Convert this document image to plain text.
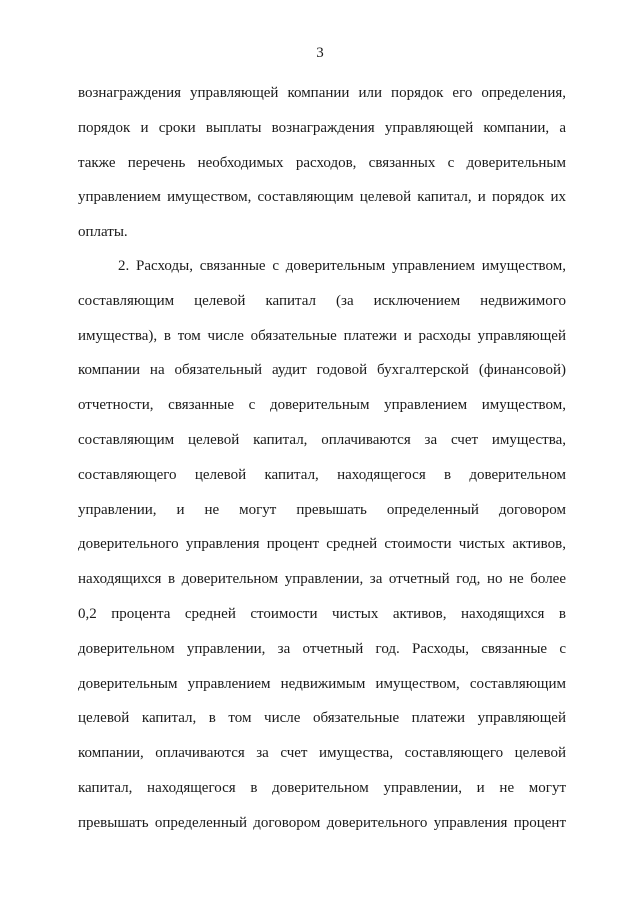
3
вознаграждения управляющей компании или порядок его определения,
порядок и сроки выплаты вознаграждения управляющей компании, а
также перечень необходимых расходов, связанных с доверительным
управлением имуществом, составляющим целевой капитал, и порядок их
оплаты.
2. Расходы, связанные с доверительным управлением имуществом,
составляющим целевой капитал (за исключением недвижимого
имущества), в том числе обязательные платежи и расходы управляющей
компании на обязательный аудит годовой бухгалтерской (финансовой)
отчетности, связанные с доверительным управлением имуществом,
составляющим целевой капитал, оплачиваются за счет имущества,
составляющего целевой капитал, находящегося в доверительном
управлении, и не могут превышать определенный договором
доверительного управления процент средней стоимости чистых активов,
находящихся в доверительном управлении, за отчетный год, но не более
0,2 процента средней стоимости чистых активов, находящихся в
доверительном управлении, за отчетный год. Расходы, связанные с
доверительным управлением недвижимым имуществом, составляющим
целевой капитал, в том числе обязательные платежи управляющей
компании, оплачиваются за счет имущества, составляющего целевой
капитал, находящегося в доверительном управлении, и не могут
превышать определенный договором доверительного управления процент
